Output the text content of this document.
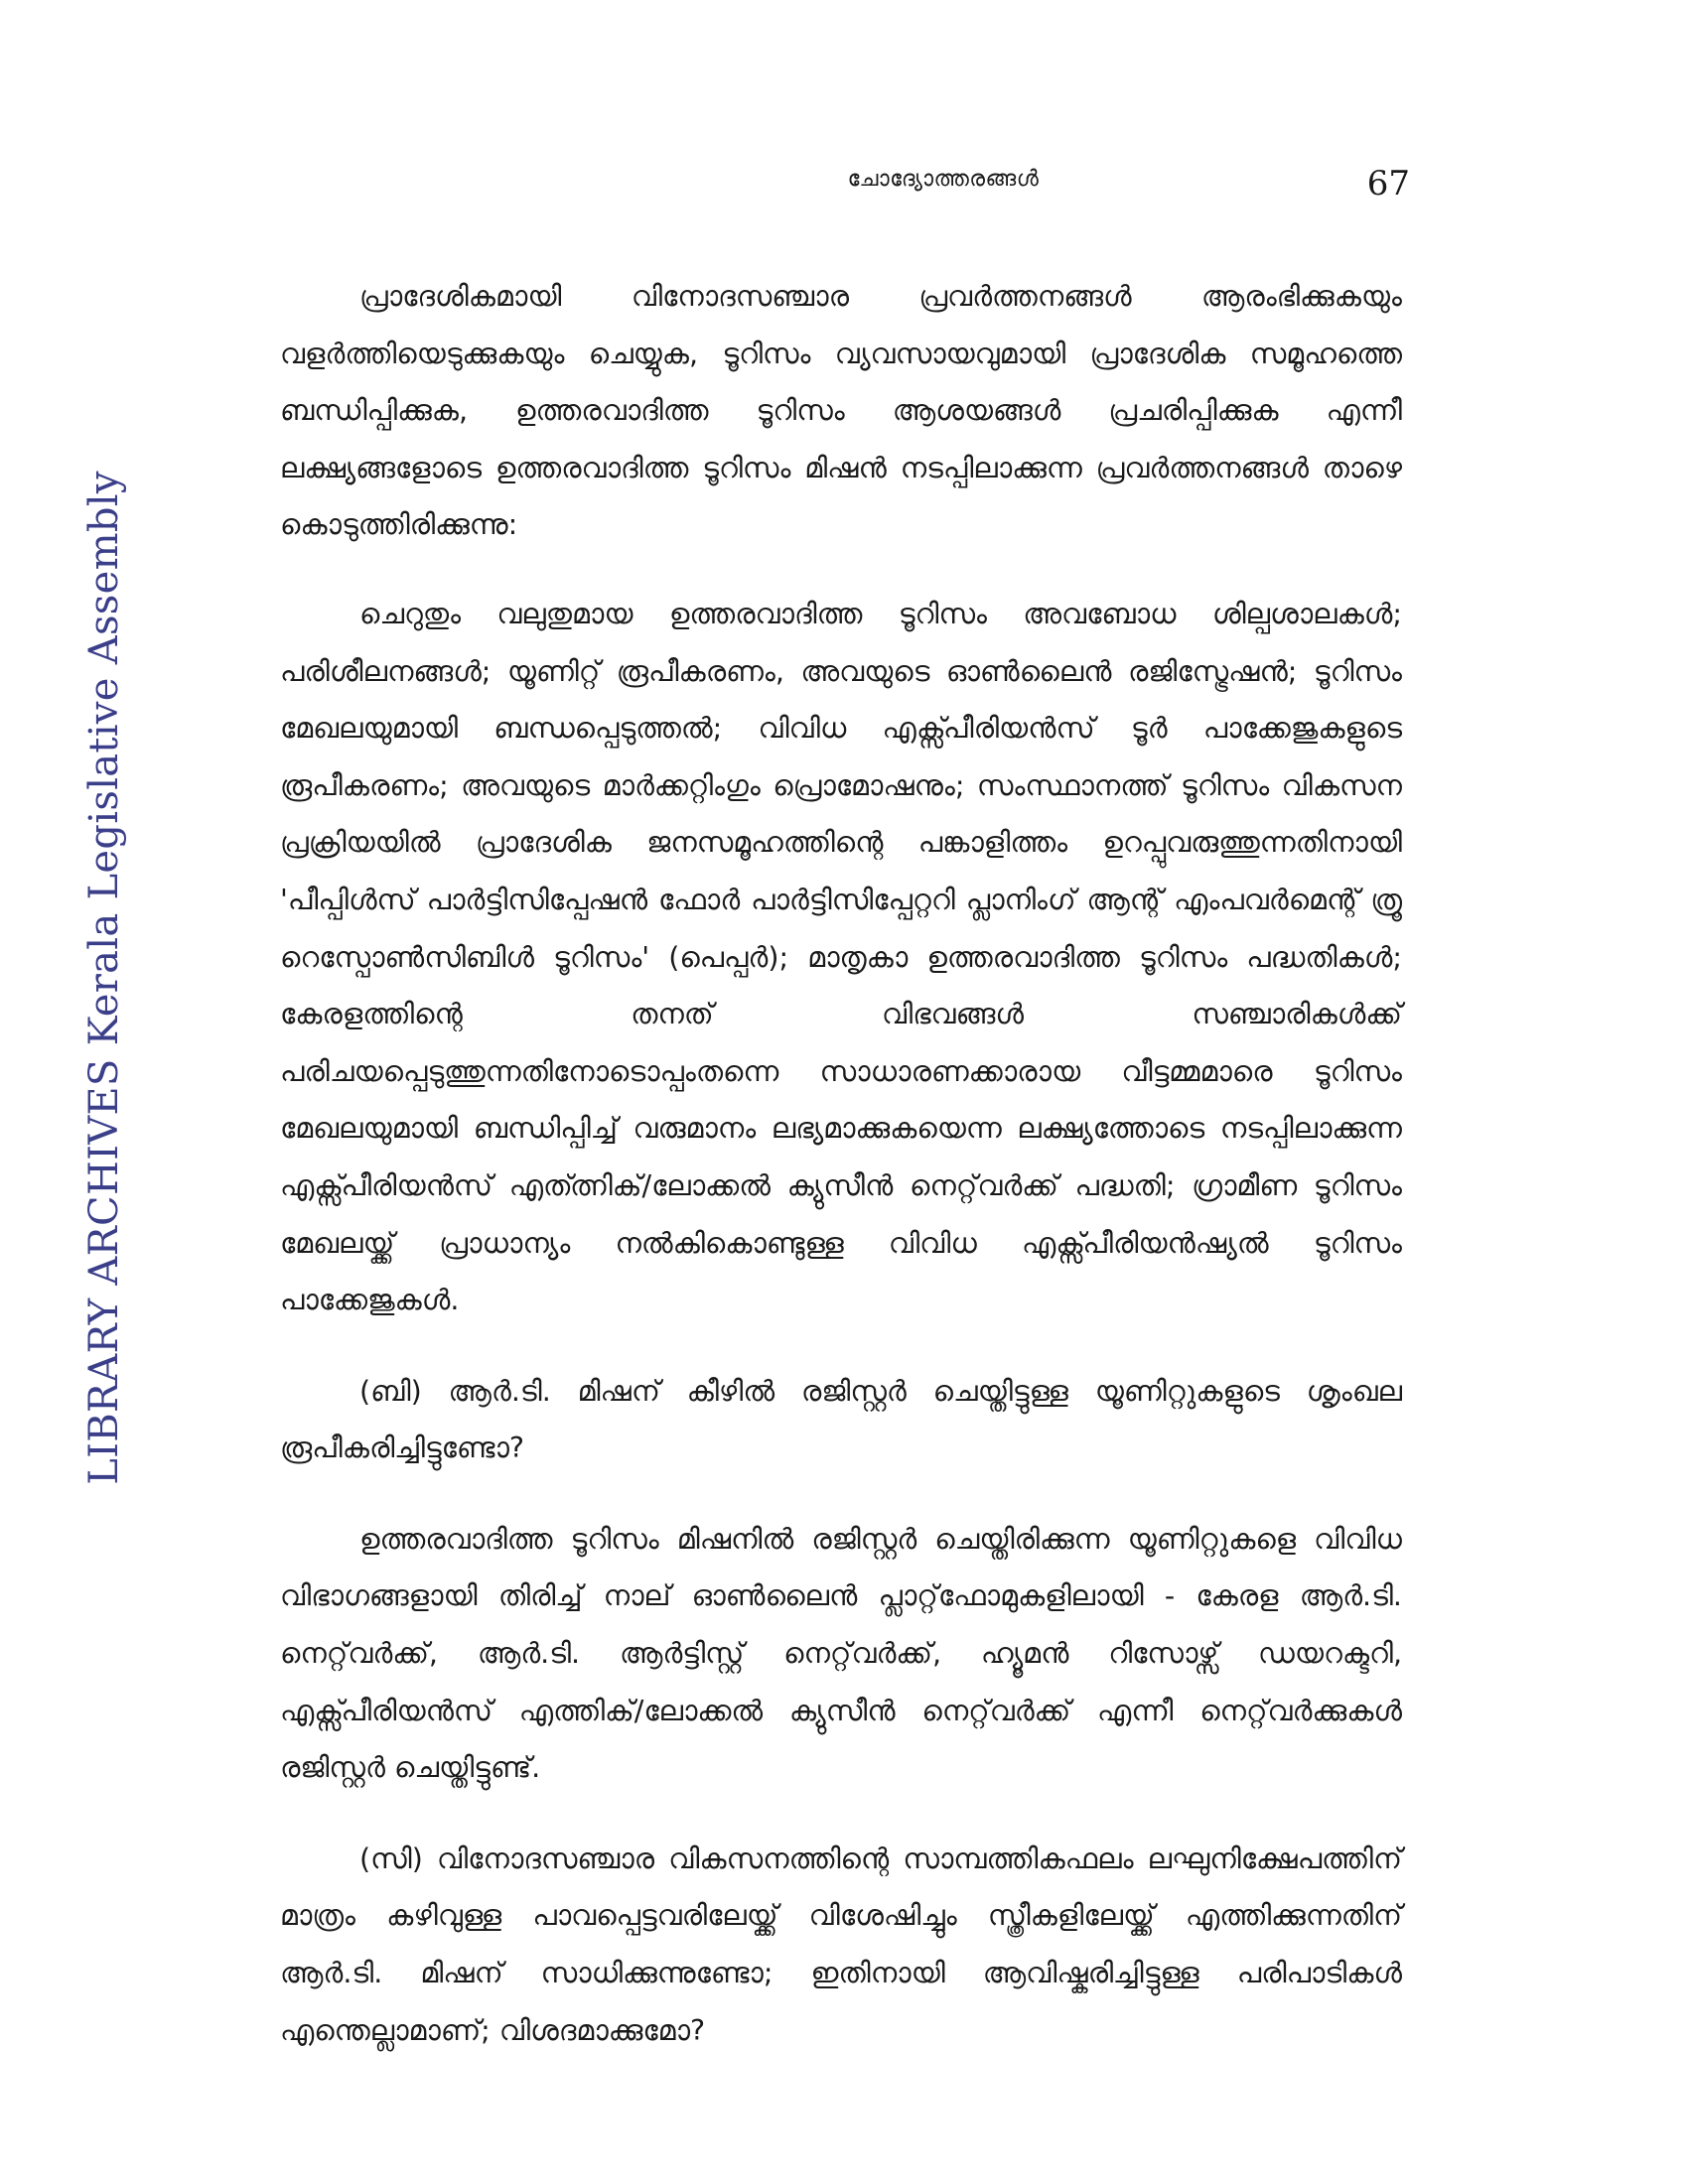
ചോദ്യോത്തരങ്ങൾ	67
LIBRARY ARCHIVES Kerala Legislative Assembly

പ്രാദേശികമായി വിനോദസഞ്ചാര പ്രവർത്തനങ്ങൾ ആരംഭിക്കുകയും വളർത്തിയെടുക്കുകയും ചെയ്യുക, ടൂറിസം വ്യവസായവുമായി പ്രാദേശിക സമൂഹത്തെ ബന്ധിപ്പിക്കുക, ഉത്തരവാദിത്ത ടൂറിസം ആശയങ്ങൾ പ്രചരിപ്പിക്കുക എന്നീ ലക്ഷ്യങ്ങളോടെ ഉത്തരവാദിത്ത ടൂറിസം മിഷൻ നടപ്പിലാക്കുന്ന പ്രവർത്തനങ്ങൾ താഴെ കൊടുത്തിരിക്കുന്നു:

ചെറുതും വലുതുമായ ഉത്തരവാദിത്ത ടൂറിസം അവബോധ ശില്പശാലകൾ; പരിശീലനങ്ങൾ; യൂണിറ്റ് രൂപീകരണം, അവയുടെ ഓൺലൈൻ രജിസ്ട്രേഷൻ; ടൂറിസം മേഖലയുമായി ബന്ധപ്പെടുത്തൽ; വിവിധ എക്സ്പീരിയൻസ് ടൂർ പാക്കേജുകളുടെ രൂപീകരണം; അവയുടെ മാർക്കറ്റിംഗും പ്രൊമോഷനും; സംസ്ഥാനത്ത് ടൂറിസം വികസന പ്രക്രിയയിൽ പ്രാദേശിക ജനസമൂഹത്തിന്റെ പങ്കാളിത്തം ഉറപ്പുവരുത്തുന്നതിനായി 'പീപ്പിൾസ് പാർട്ടിസിപ്പേഷൻ ഫോർ പാർട്ടിസിപ്പേറ്ററി പ്ലാനിംഗ് ആന്റ് എംപവർമെന്റ് ത്രൂ റെസ്പോൺസിബിൾ ടൂറിസം' (പെപ്പർ); മാതൃകാ ഉത്തരവാദിത്ത ടൂറിസം പദ്ധതികൾ; കേരളത്തിന്റെ തനത് വിഭവങ്ങൾ സഞ്ചാരികൾക്ക് പരിചയപ്പെടുത്തുന്നതിനോടൊപ്പംതന്നെ സാധാരണക്കാരായ വീട്ടമ്മമാരെ ടൂറിസം മേഖലയുമായി ബന്ധിപ്പിച്ച് വരുമാനം ലഭ്യമാക്കുകയെന്ന ലക്ഷ്യത്തോടെ നടപ്പിലാക്കുന്ന എക്സ്പീരിയൻസ് എത്ത്നിക്/ലോക്കൽ ക്യുസീൻ നെറ്റ്‌വർക്ക് പദ്ധതി; ഗ്രാമീണ ടൂറിസം മേഖലയ്ക്ക് പ്രാധാന്യം നൽകികൊണ്ടുള്ള വിവിധ എക്സ്പീരിയൻഷ്യൽ ടൂറിസം പാക്കേജുകൾ.

(ബി) ആർ.ടി. മിഷന് കീഴിൽ രജിസ്റ്റർ ചെയ്തിട്ടുള്ള യൂണിറ്റുകളുടെ ശൃംഖല രൂപീകരിച്ചിട്ടുണ്ടോ?

ഉത്തരവാദിത്ത ടൂറിസം മിഷനിൽ രജിസ്റ്റർ ചെയ്തിരിക്കുന്ന യൂണിറ്റുകളെ വിവിധ വിഭാഗങ്ങളായി തിരിച്ച് നാല് ഓൺലൈൻ പ്ലാറ്റ്‌ഫോമുകളിലായി - കേരള ആർ.ടി. നെറ്റ്‌വർക്ക്, ആർ.ടി. ആർട്ടിസ്റ്റ് നെറ്റ്‌വർക്ക്, ഹ്യൂമൻ റിസോഴ്സ് ഡയറക്ടറി, എക്സ്പീരിയൻസ് എത്തിക്/ലോക്കൽ ക്യുസീൻ നെറ്റ്‌വർക്ക് എന്നീ നെറ്റ്‌വർക്കുകൾ രജിസ്റ്റർ ചെയ്തിട്ടുണ്ട്.

(സി) വിനോദസഞ്ചാര വികസനത്തിന്റെ സാമ്പത്തികഫലം ലഘുനിക്ഷേപത്തിന് മാത്രം കഴിവുള്ള പാവപ്പെട്ടവരിലേയ്ക്ക് വിശേഷിച്ചും സ്ത്രീകളിലേയ്ക്ക് എത്തിക്കുന്നതിന് ആർ.ടി. മിഷന് സാധിക്കുന്നുണ്ടോ; ഇതിനായി ആവിഷ്കരിച്ചിട്ടുള്ള പരിപാടികൾ എന്തെല്ലാമാണ്; വിശദമാക്കുമോ?
